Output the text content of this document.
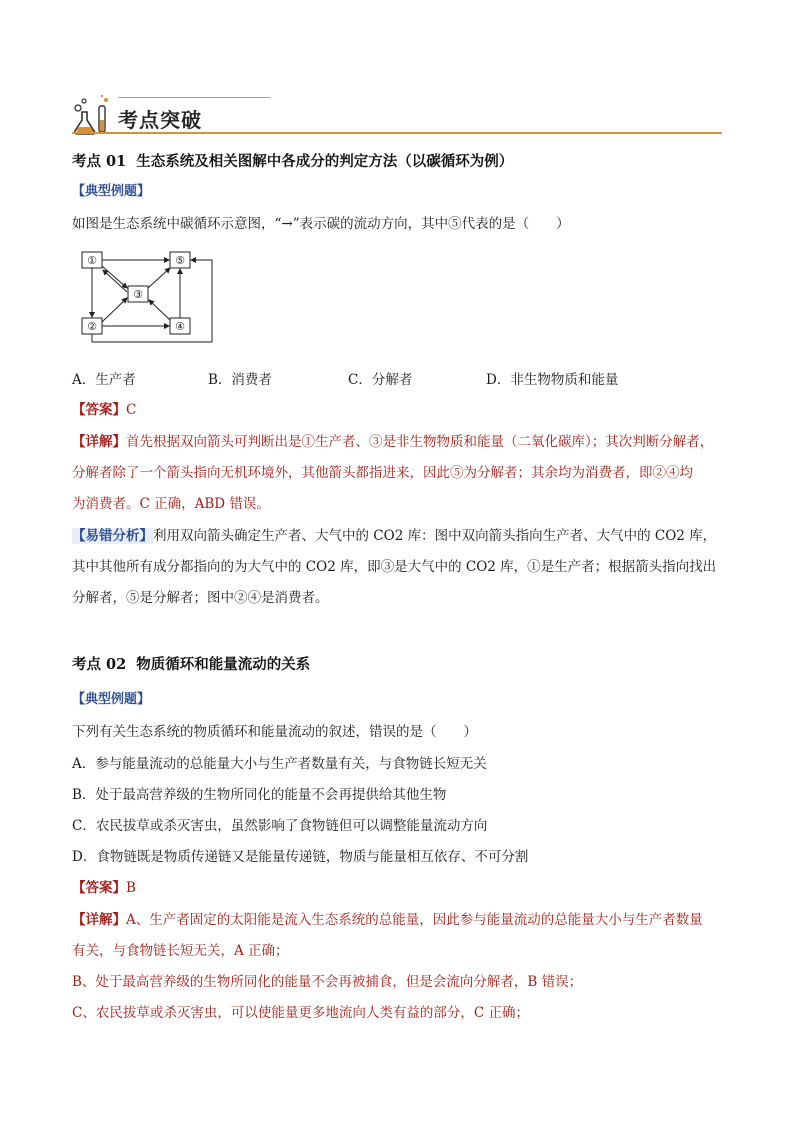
考点突破
考点 01 生态系统及相关图解中各成分的判定方法（以碳循环为例）
【典型例题】
如图是生态系统中碳循环示意图，“→”表示碳的流动方向，其中⑤代表的是（　　）
①	⑤
③
②	④
A．生产者	B．消费者	C．分解者	D．非生物物质和能量
【答案】C
【详解】首先根据双向箭头可判断出是①生产者、③是非生物物质和能量（二氧化碳库）；其次判断分解者，
分解者除了一个箭头指向无机环境外，其他箭头都指进来，因此⑤为分解者；其余均为消费者，即②④均
为消费者。C 正确，ABD 错误。
【易错分析】利用双向箭头确定生产者、大气中的 CO2 库：图中双向箭头指向生产者、大气中的 CO2 库，
其中其他所有成分都指向的为大气中的 CO2 库，即③是大气中的 CO2 库，①是生产者；根据箭头指向找出
分解者，⑤是分解者；图中②④是消费者。
考点 02 物质循环和能量流动的关系
【典型例题】
下列有关生态系统的物质循环和能量流动的叙述，错误的是（　　）
A．参与能量流动的总能量大小与生产者数量有关，与食物链长短无关
B．处于最高营养级的生物所同化的能量不会再提供给其他生物
C．农民拔草或杀灭害虫，虽然影响了食物链但可以调整能量流动方向
D．食物链既是物质传递链又是能量传递链，物质与能量相互依存、不可分割
【答案】B
【详解】A、生产者固定的太阳能是流入生态系统的总能量，因此参与能量流动的总能量大小与生产者数量
有关，与食物链长短无关，A 正确；
B、处于最高营养级的生物所同化的能量不会再被捕食，但是会流向分解者，B 错误；
C、农民拔草或杀灭害虫，可以使能量更多地流向人类有益的部分，C 正确；
